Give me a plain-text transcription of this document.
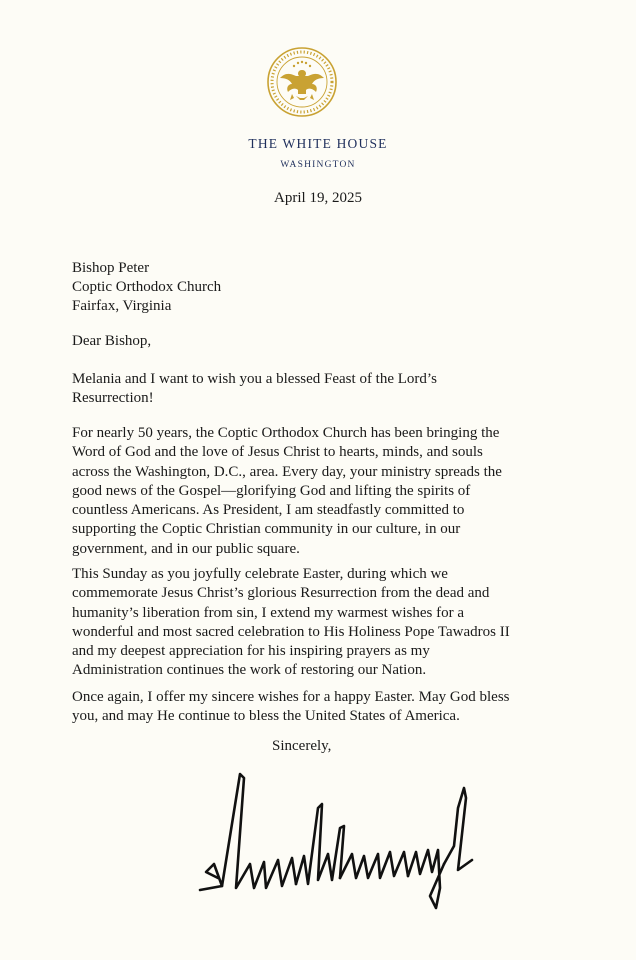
THE WHITE HOUSE
WASHINGTON
April 19, 2025
Bishop Peter
Coptic Orthodox Church
Fairfax, Virginia
Dear Bishop,
Melania and I want to wish you a blessed Feast of the Lord’s
Resurrection!
For nearly 50 years, the Coptic Orthodox Church has been bringing the
Word of God and the love of Jesus Christ to hearts, minds, and souls
across the Washington, D.C., area. Every day, your ministry spreads the
good news of the Gospel—glorifying God and lifting the spirits of
countless Americans. As President, I am steadfastly committed to
supporting the Coptic Christian community in our culture, in our
government, and in our public square.
This Sunday as you joyfully celebrate Easter, during which we
commemorate Jesus Christ’s glorious Resurrection from the dead and
humanity’s liberation from sin, I extend my warmest wishes for a
wonderful and most sacred celebration to His Holiness Pope Tawadros II
and my deepest appreciation for his inspiring prayers as my
Administration continues the work of restoring our Nation.
Once again, I offer my sincere wishes for a happy Easter. May God bless
you, and may He continue to bless the United States of America.
Sincerely,
